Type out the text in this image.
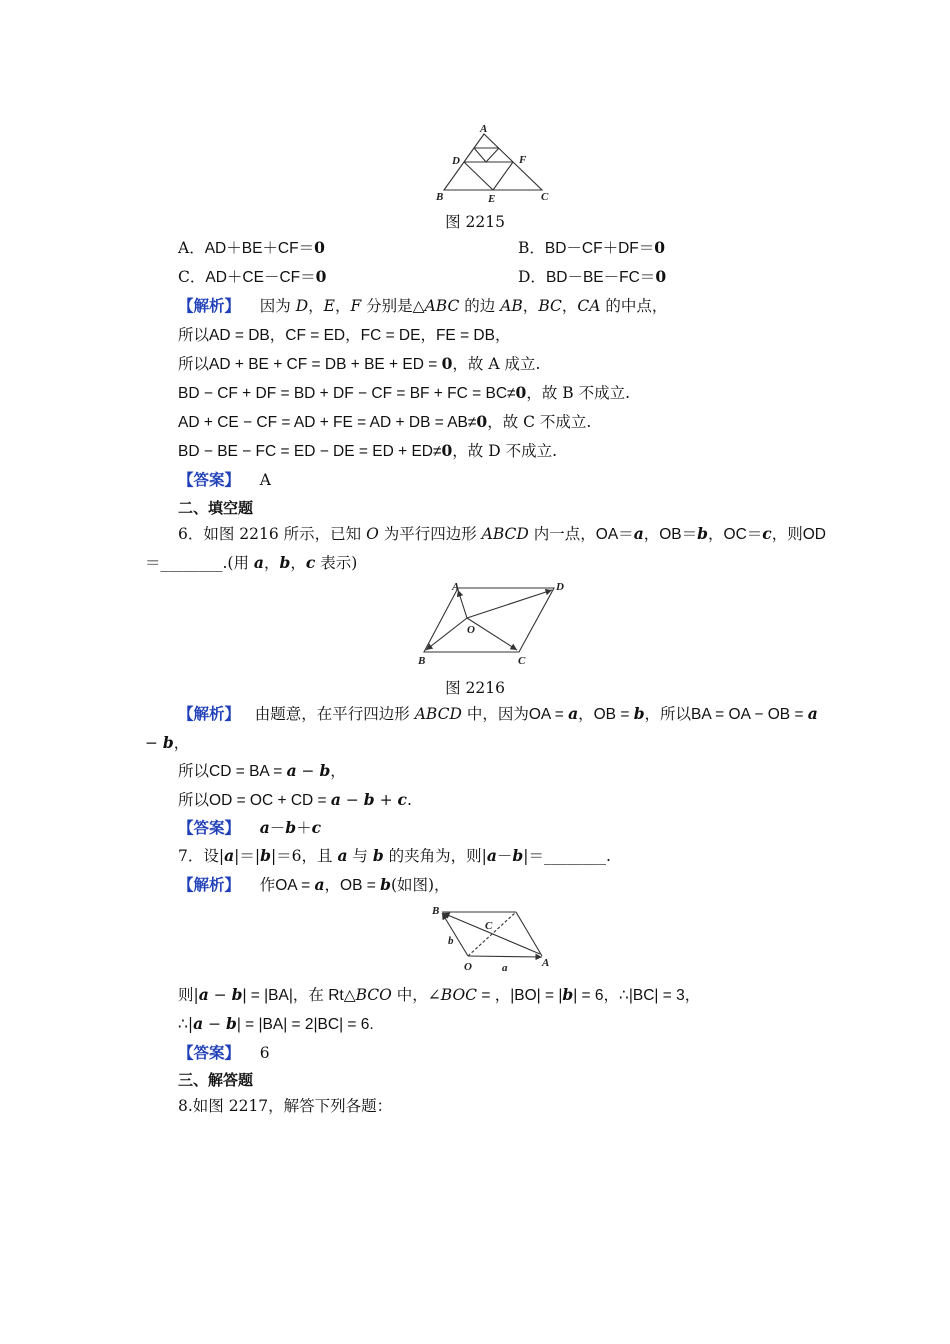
A
D	F
B	E	C
图 2215
A．AD＋BE＋CF＝0	B．BD－CF＋DF＝0
C．AD＋CE－CF＝0	D．BD－BE－FC＝0
【解析】 因为 D，E，F 分别是△ABC 的边 AB，BC，CA 的中点，
所以AD = DB，CF = ED，FC = DE，FE = DB，
所以AD + BE + CF = DB + BE + ED = 0，故 A 成立.
BD − CF + DF = BD + DF − CF = BF + FC = BC≠0，故 B 不成立.
AD + CE − CF = AD + FE = AD + DB = AB≠0，故 C 不成立.
BD − BE − FC = ED − DE = ED + ED≠0，故 D 不成立.
【答案】 A
二、填空题
6．如图 2216 所示，已知 O 为平行四边形 ABCD 内一点，OA＝a，OB＝b，OC＝c，则OD
＝________.(用 a，b，c 表示)
A	D
O
B	C
图 2216
【解析】 由题意，在平行四边形 ABCD 中，因为OA = a，OB = b，所以BA = OA − OB = a
− b，
所以CD = BA = a − b，
所以OD = OC + CD = a − b + c.
【答案】 a－b＋c
7．设|a|＝|b|＝6，且 a 与 b 的夹角为，则|a－b|＝________.
【解析】 作OA = a，OB = b(如图)，
B
C
b
O	a	A
则|a − b| = |BA|，在 Rt△BCO 中，∠BOC = ，|BO| = |b| = 6，∴|BC| = 3，
∴|a − b| = |BA| = 2|BC| = 6.
【答案】 6
三、解答题
8.如图 2217，解答下列各题：
